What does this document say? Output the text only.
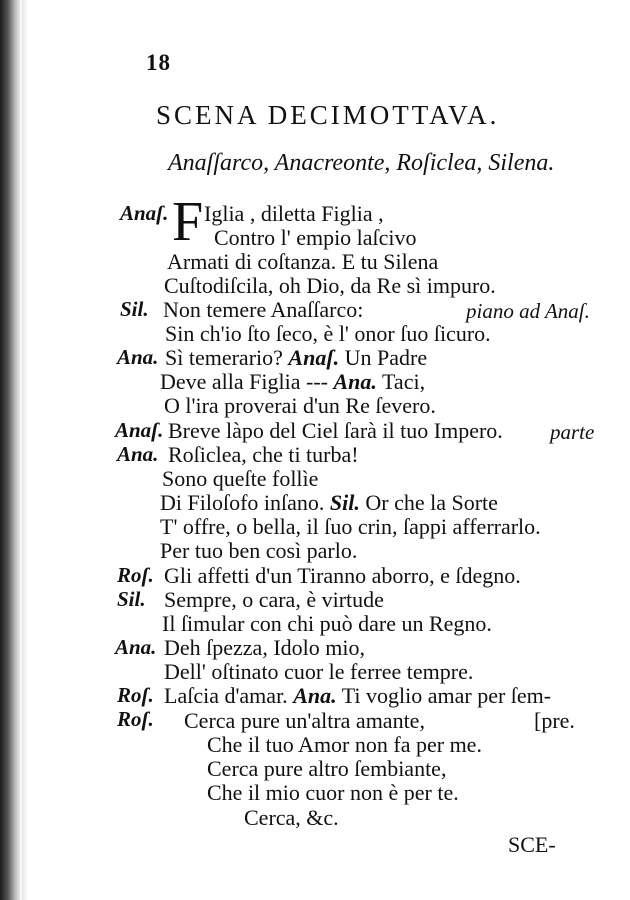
18
SCENA DECIMOTTAVA.
Anaſſarco, Anacreonte, Roſiclea, Silena.
F
Anaſ.
Sil.
Ana.
Anaſ.
Ana.
Roſ.
Sil.
Ana.
Roſ.
Roſ.
Iglia , diletta Figlia ,
Contro l' empio laſcivo
Armati di coſtanza. E tu Silena
Cuſtodiſcila, oh Dio, da Re sì impuro.
Non temere Anaſſarco:	piano ad Anaſ.
Sin ch'io ſto ſeco, è l' onor ſuo ſicuro.
Sì temerario? Anaſ. Un Padre
Deve alla Figlia --- Ana. Taci,
O l'ira proverai d'un Re ſevero.
Breve làpo del Ciel ſarà il tuo Impero. parte
Roſiclea, che ti turba!
Sono queſte follìe
Di Filoſofo inſano. Sil. Or che la Sorte
T' offre, o bella, il ſuo crin, ſappi afferrarlo.
Per tuo ben così parlo.
Gli affetti d'un Tiranno aborro, e ſdegno.
Sempre, o cara, è virtude
Il ſimular con chi può dare un Regno.
Deh ſpezza, Idolo mio,
Dell' oſtinato cuor le ferree tempre.
Laſcia d'amar. Ana. Ti voglio amar per ſem-
Cerca pure un'altra amante,	[pre.
Che il tuo Amor non fa per me.
Cerca pure altro ſembiante,
Che il mio cuor non è per te.
Cerca, &c.
SCE-
